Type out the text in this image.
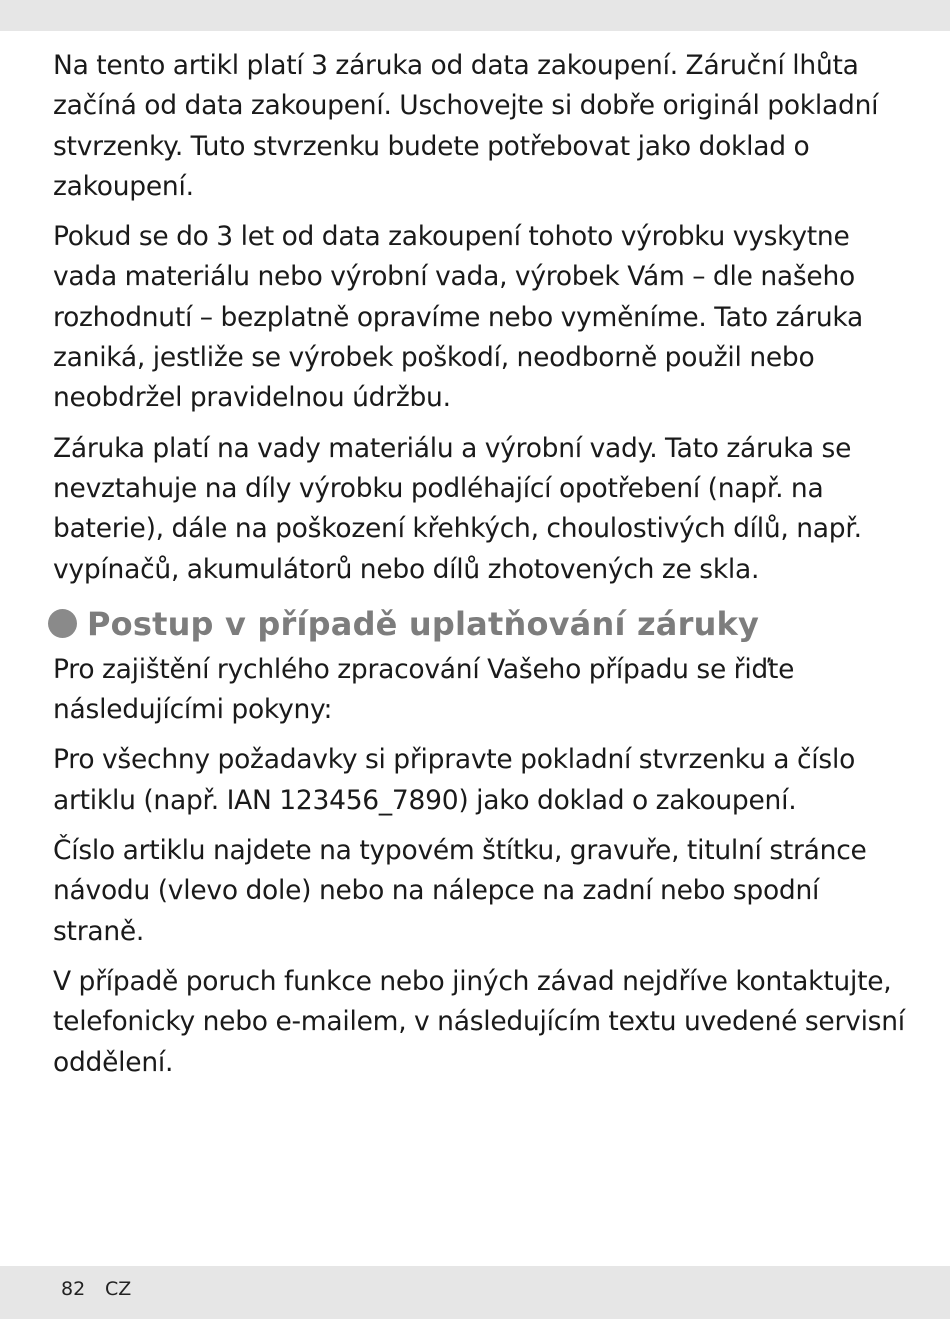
Na tento artikl platí 3 záruka od data zakoupení. Záruční lhůta začíná od data zakoupení. Uschovejte si dobře originál pokladní stvrzenky. Tuto stvrzenku budete potřebovat jako doklad o zakoupení.

Pokud se do 3 let od data zakoupení tohoto výrobku vyskytne vada materiálu nebo výrobní vada, výrobek Vám – dle našeho rozhodnutí – bezplatně opravíme nebo vyměníme. Tato záruka zaniká, jestliže se výrobek poškodí, neodborně použil nebo neobdržel pravidelnou údržbu.

Záruka platí na vady materiálu a výrobní vady. Tato záruka se nevztahuje na díly výrobku podléhající opotřebení (např. na baterie), dále na poškození křehkých, choulostivých dílů, např. vypínačů, akumulátorů nebo dílů zhotovených ze skla.

Postup v případě uplatňování záruky

Pro zajištění rychlého zpracování Vašeho případu se řiďte následujícími pokyny:

Pro všechny požadavky si připravte pokladní stvrzenku a číslo artiklu (např. IAN 123456_7890) jako doklad o zakoupení.

Číslo artiklu najdete na typovém štítku, gravuře, titulní stránce návodu (vlevo dole) nebo na nálepce na zadní nebo spodní straně.

V případě poruch funkce nebo jiných závad nejdříve kontaktujte, telefonicky nebo e-mailem, v následujícím textu uvedené servisní oddělení.

82 CZ
